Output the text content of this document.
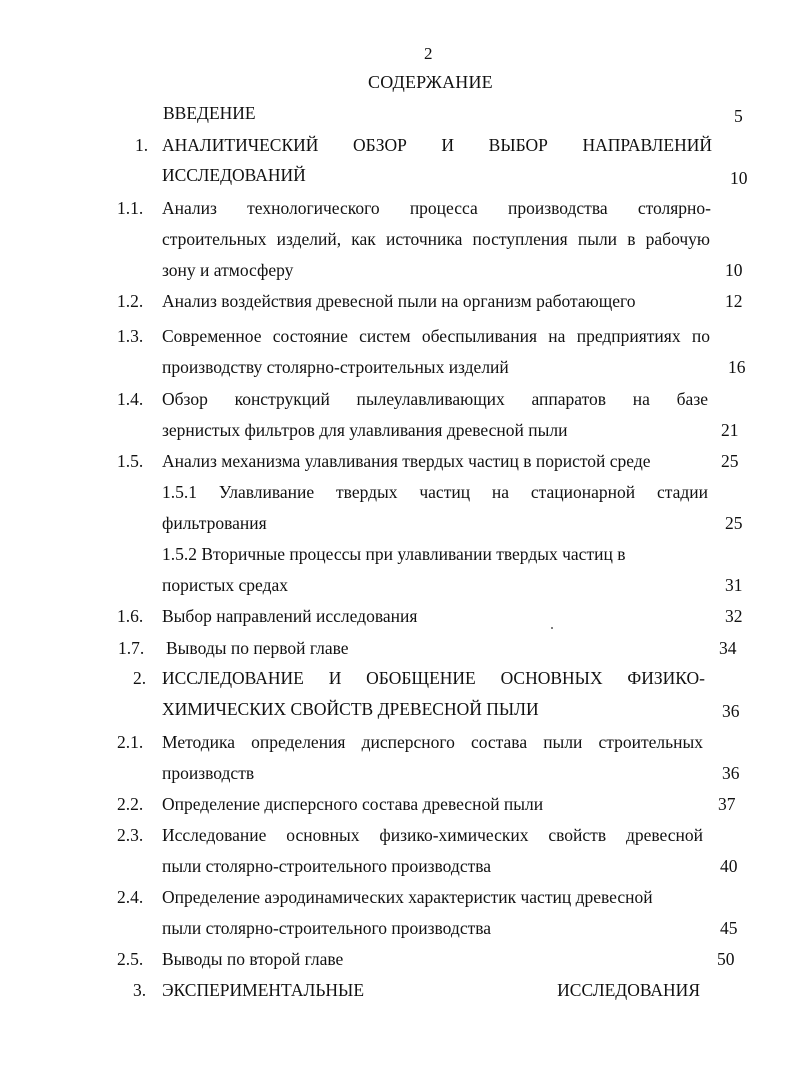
2
СОДЕРЖАНИЕ
ВВЕДЕНИЕ	5
1. АНАЛИТИЧЕСКИЙ ОБЗОР И ВЫБОР НАПРАВЛЕНИЙ
ИССЛЕДОВАНИЙ	10
1.1. Анализ технологического процесса производства столярно-
строительных изделий, как источника поступления пыли в рабочую
зону и атмосферу	10
1.2. Анализ воздействия древесной пыли на организм работающего	12
1.3. Современное состояние систем обеспыливания на предприятиях по
производству столярно-строительных изделий	16
1.4. Обзор конструкций пылеулавливающих аппаратов на базе
зернистых фильтров для улавливания древесной пыли	21
1.5. Анализ механизма улавливания твердых частиц в пористой среде	25
1.5.1 Улавливание твердых частиц на стационарной стадии
фильтрования	25
1.5.2 Вторичные процессы при улавливании твердых частиц в
пористых средах	31
1.6. Выбор направлений исследования	32
1.7. Выводы по первой главе	34
2. ИССЛЕДОВАНИЕ И ОБОБЩЕНИЕ ОСНОВНЫХ ФИЗИКО-
ХИМИЧЕСКИХ СВОЙСТВ ДРЕВЕСНОЙ ПЫЛИ	36
2.1. Методика определения дисперсного состава пыли строительных
производств	36
2.2. Определение дисперсного состава древесной пыли	37
2.3. Исследование основных физико-химических свойств древесной
пыли столярно-строительного производства	40
2.4. Определение аэродинамических характеристик частиц древесной
пыли столярно-строительного производства	45
2.5. Выводы по второй главе	50
3. ЭКСПЕРИМЕНТАЛЬНЫЕ ИССЛЕДОВАНИЯ
